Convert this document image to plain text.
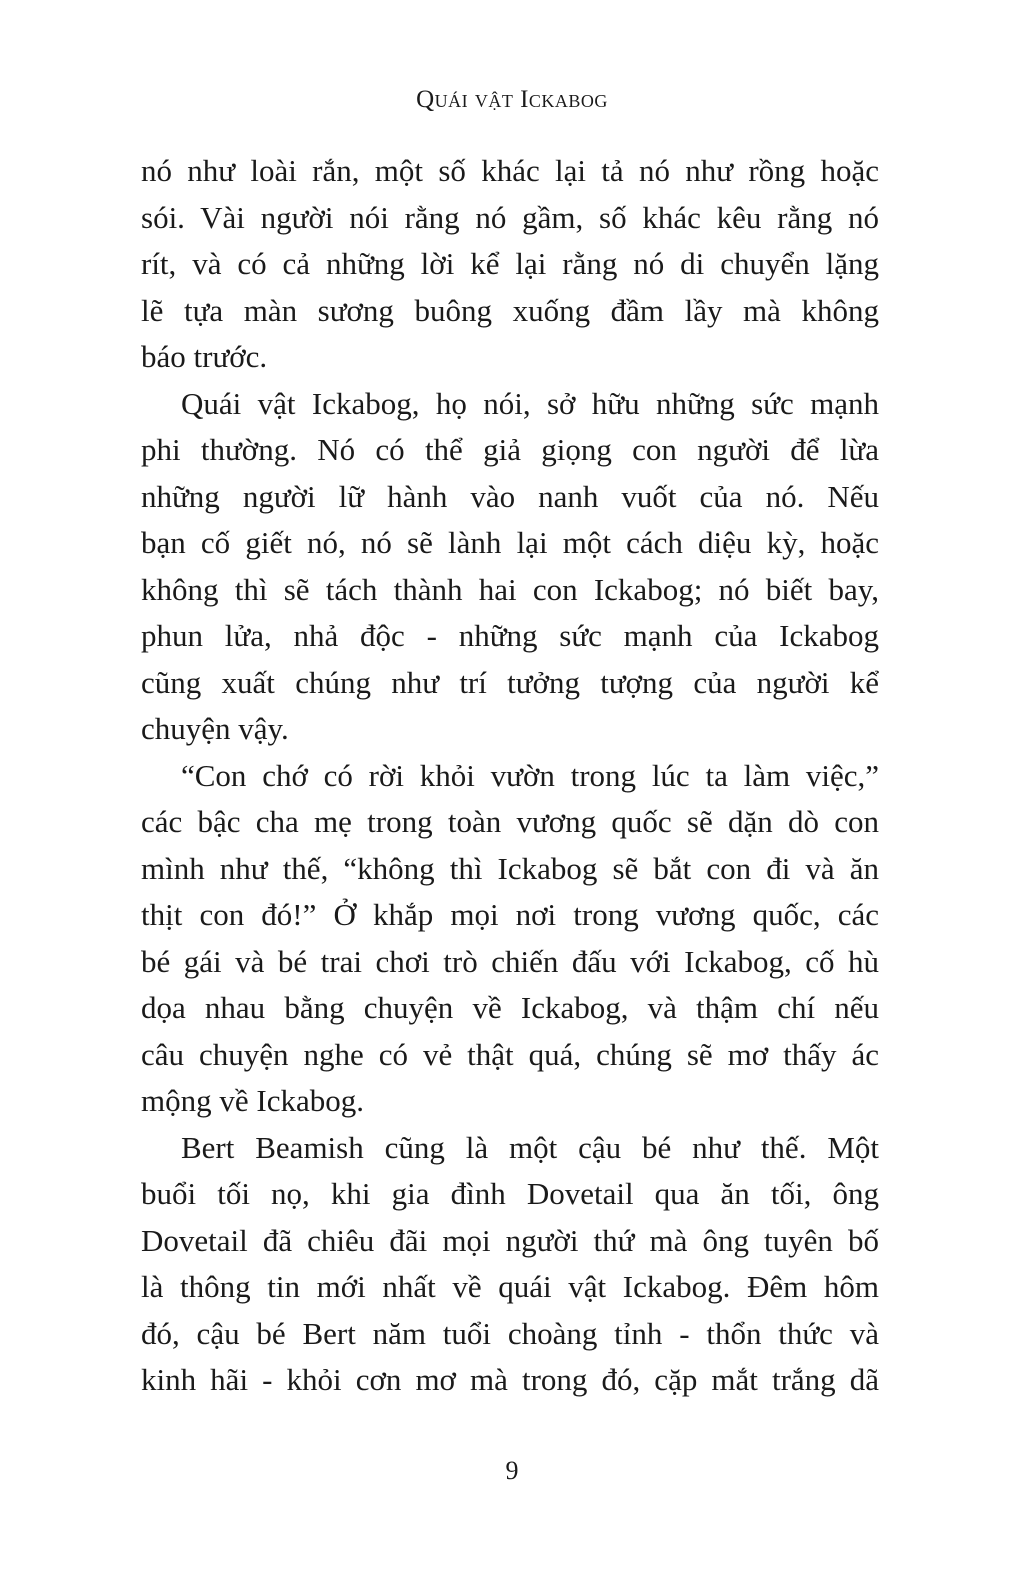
Quái vật Ickabog

nó như loài rắn, một số khác lại tả nó như rồng hoặc
sói. Vài người nói rằng nó gầm, số khác kêu rằng nó
rít, và có cả những lời kể lại rằng nó di chuyển lặng
lẽ tựa màn sương buông xuống đầm lầy mà không
báo trước.

Quái vật Ickabog, họ nói, sở hữu những sức mạnh
phi thường. Nó có thể giả giọng con người để lừa
những người lữ hành vào nanh vuốt của nó. Nếu
bạn cố giết nó, nó sẽ lành lại một cách diệu kỳ, hoặc
không thì sẽ tách thành hai con Ickabog; nó biết bay,
phun lửa, nhả độc - những sức mạnh của Ickabog
cũng xuất chúng như trí tưởng tượng của người kể
chuyện vậy.

“Con chớ có rời khỏi vườn trong lúc ta làm việc,”
các bậc cha mẹ trong toàn vương quốc sẽ dặn dò con
mình như thế, “không thì Ickabog sẽ bắt con đi và ăn
thịt con đó!” Ở khắp mọi nơi trong vương quốc, các
bé gái và bé trai chơi trò chiến đấu với Ickabog, cố hù
dọa nhau bằng chuyện về Ickabog, và thậm chí nếu
câu chuyện nghe có vẻ thật quá, chúng sẽ mơ thấy ác
mộng về Ickabog.

Bert Beamish cũng là một cậu bé như thế. Một
buổi tối nọ, khi gia đình Dovetail qua ăn tối, ông
Dovetail đã chiêu đãi mọi người thứ mà ông tuyên bố
là thông tin mới nhất về quái vật Ickabog. Đêm hôm
đó, cậu bé Bert năm tuổi choàng tỉnh - thổn thức và
kinh hãi - khỏi cơn mơ mà trong đó, cặp mắt trắng dã

9
